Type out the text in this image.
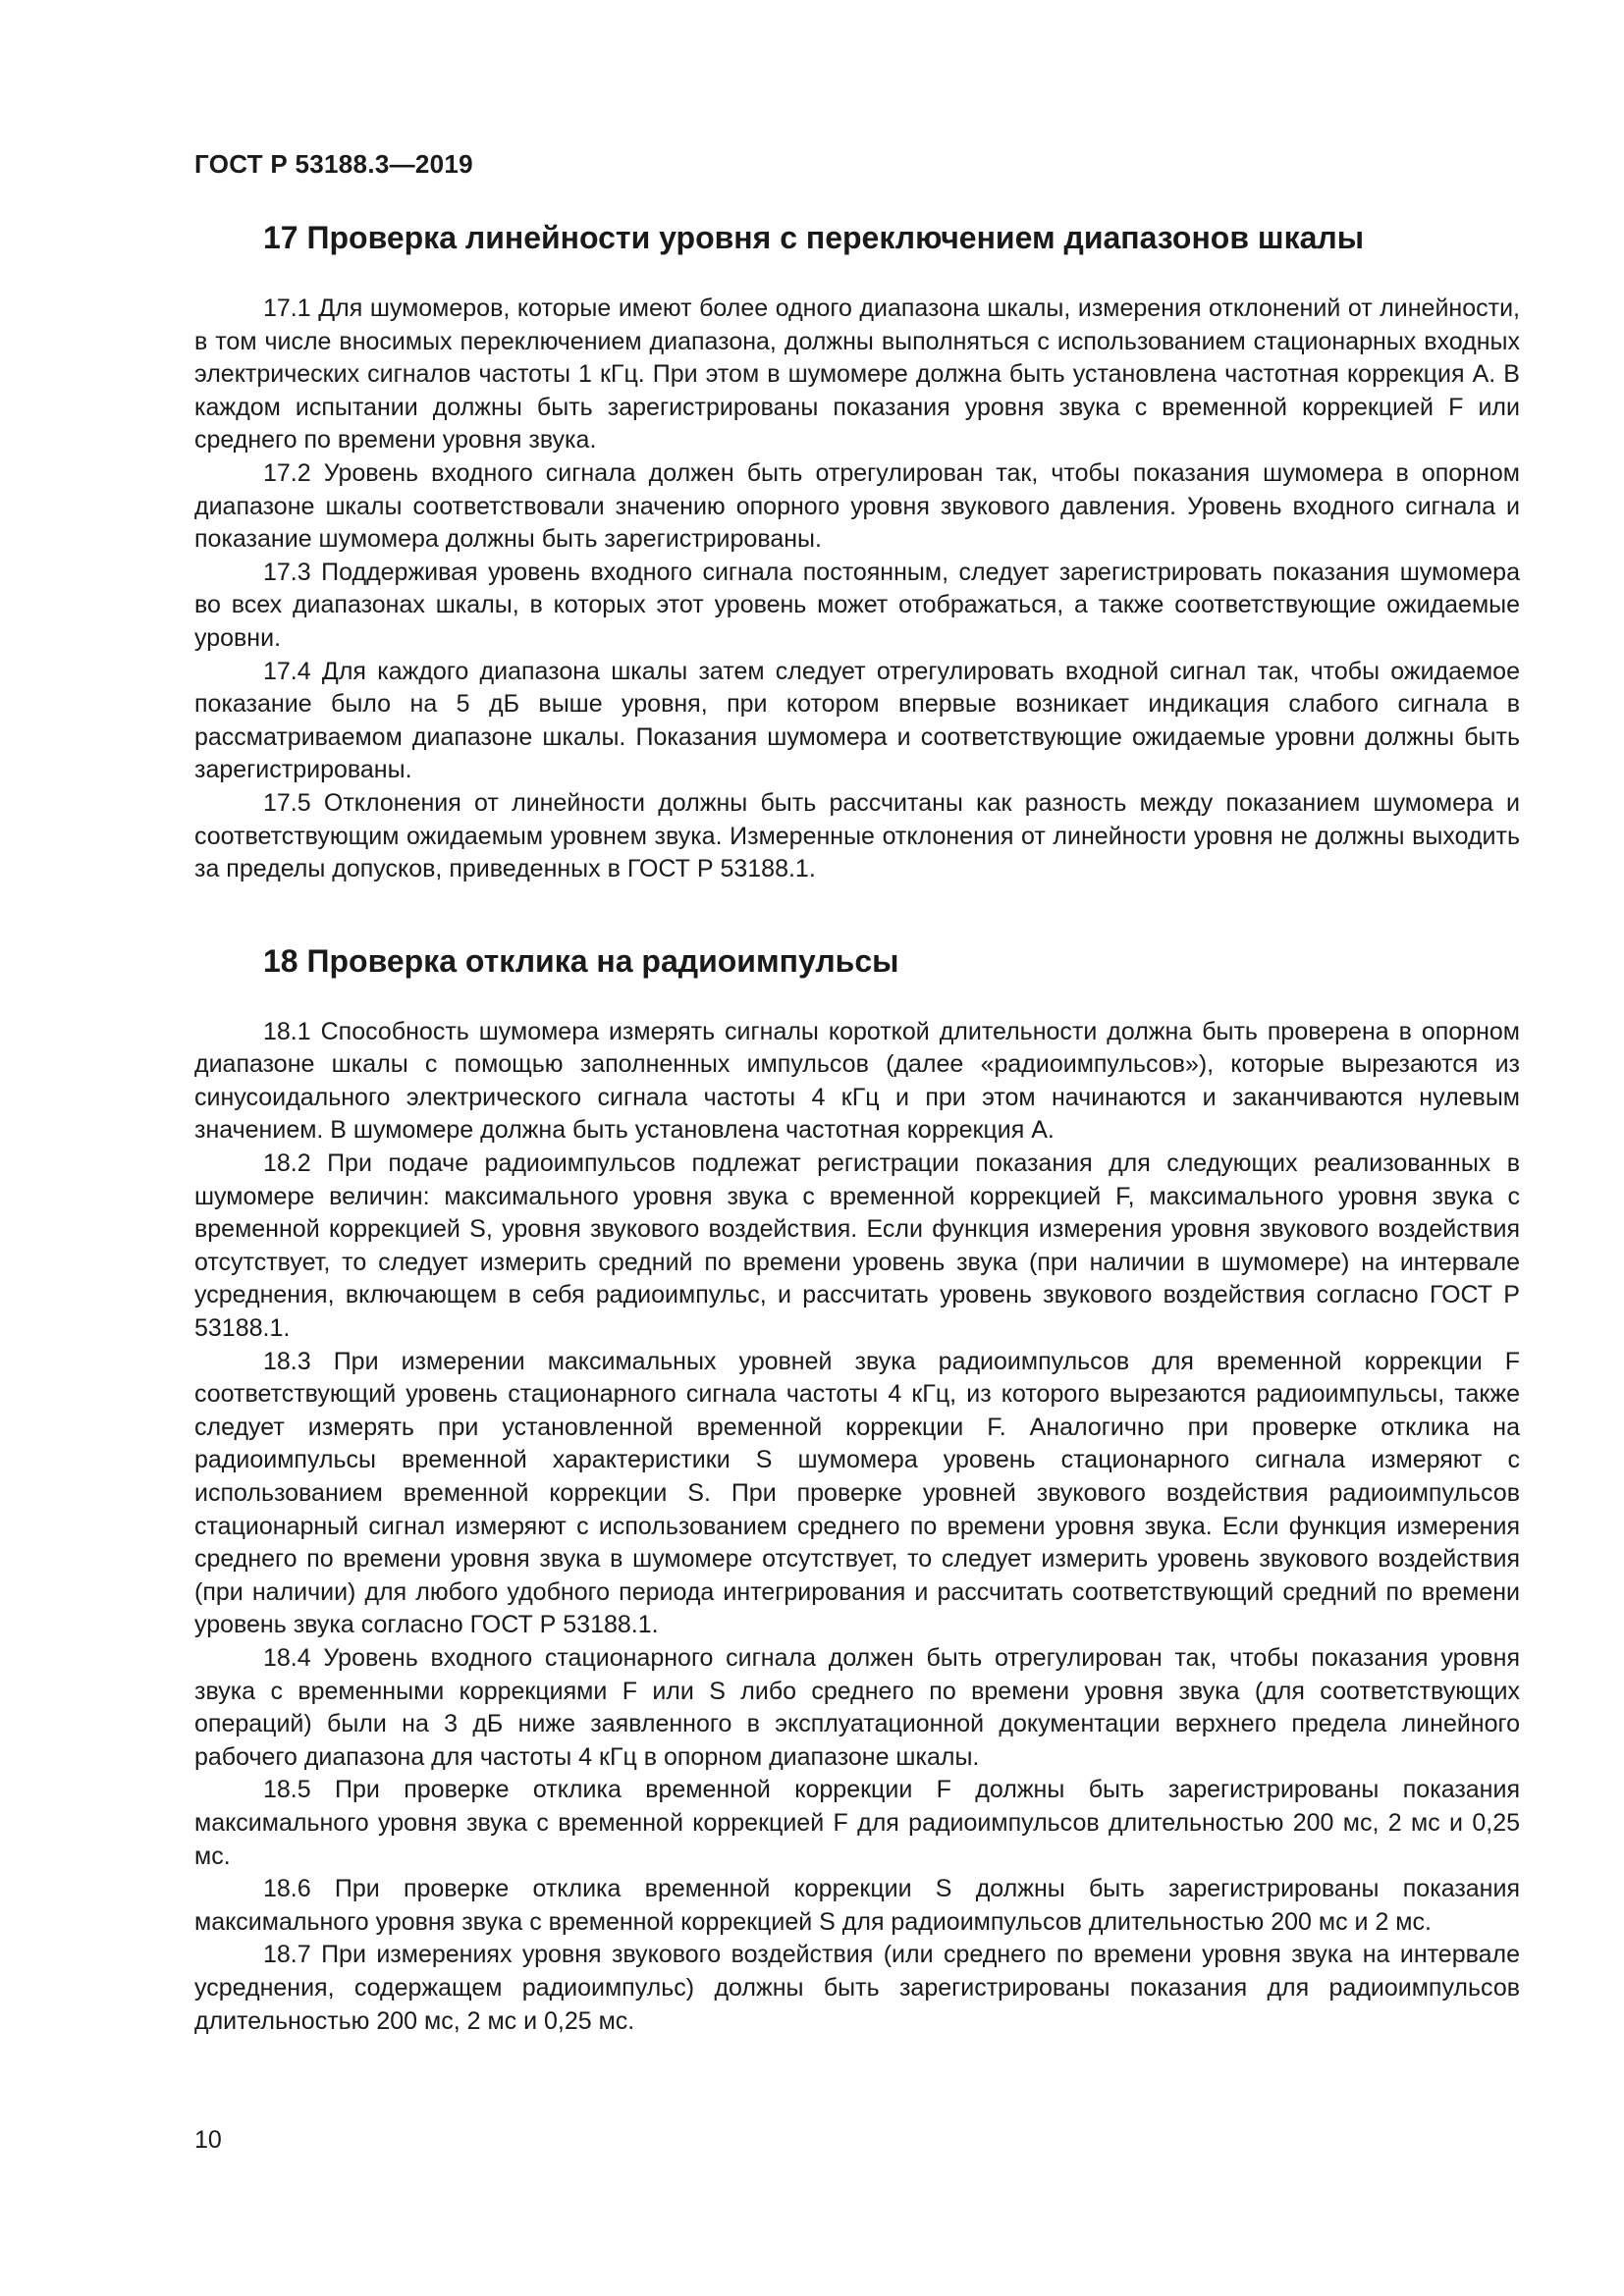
ГОСТ Р 53188.3—2019
17 Проверка линейности уровня с переключением диапазонов шкалы

17.1 Для шумомеров, которые имеют более одного диапазона шкалы, измерения отклонений от линейности, в том числе вносимых переключением диапазона, должны выполняться с использованием стационарных входных электрических сигналов частоты 1 кГц. При этом в шумомере должна быть установлена частотная коррекция А. В каждом испытании должны быть зарегистрированы показания уровня звука с временной коррекцией F или среднего по времени уровня звука.

17.2 Уровень входного сигнала должен быть отрегулирован так, чтобы показания шумомера в опорном диапазоне шкалы соответствовали значению опорного уровня звукового давления. Уровень входного сигнала и показание шумомера должны быть зарегистрированы.

17.3 Поддерживая уровень входного сигнала постоянным, следует зарегистрировать показания шумомера во всех диапазонах шкалы, в которых этот уровень может отображаться, а также соответствующие ожидаемые уровни.

17.4 Для каждого диапазона шкалы затем следует отрегулировать входной сигнал так, чтобы ожидаемое показание было на 5 дБ выше уровня, при котором впервые возникает индикация слабого сигнала в рассматриваемом диапазоне шкалы. Показания шумомера и соответствующие ожидаемые уровни должны быть зарегистрированы.

17.5 Отклонения от линейности должны быть рассчитаны как разность между показанием шумомера и соответствующим ожидаемым уровнем звука. Измеренные отклонения от линейности уровня не должны выходить за пределы допусков, приведенных в ГОСТ Р 53188.1.

18 Проверка отклика на радиоимпульсы

18.1 Способность шумомера измерять сигналы короткой длительности должна быть проверена в опорном диапазоне шкалы с помощью заполненных импульсов (далее «радиоимпульсов»), которые вырезаются из синусоидального электрического сигнала частоты 4 кГц и при этом начинаются и заканчиваются нулевым значением. В шумомере должна быть установлена частотная коррекция А.

18.2 При подаче радиоимпульсов подлежат регистрации показания для следующих реализованных в шумомере величин: максимального уровня звука с временной коррекцией F, максимального уровня звука с временной коррекцией S, уровня звукового воздействия. Если функция измерения уровня звукового воздействия отсутствует, то следует измерить средний по времени уровень звука (при наличии в шумомере) на интервале усреднения, включающем в себя радиоимпульс, и рассчитать уровень звукового воздействия согласно ГОСТ Р 53188.1.

18.3 При измерении максимальных уровней звука радиоимпульсов для временной коррекции F соответствующий уровень стационарного сигнала частоты 4 кГц, из которого вырезаются радиоимпульсы, также следует измерять при установленной временной коррекции F. Аналогично при проверке отклика на радиоимпульсы временной характеристики S шумомера уровень стационарного сигнала измеряют с использованием временной коррекции S. При проверке уровней звукового воздействия радиоимпульсов стационарный сигнал измеряют с использованием среднего по времени уровня звука. Если функция измерения среднего по времени уровня звука в шумомере отсутствует, то следует измерить уровень звукового воздействия (при наличии) для любого удобного периода интегрирования и рассчитать соответствующий средний по времени уровень звука согласно ГОСТ Р 53188.1.

18.4 Уровень входного стационарного сигнала должен быть отрегулирован так, чтобы показания уровня звука с временными коррекциями F или S либо среднего по времени уровня звука (для соответствующих операций) были на 3 дБ ниже заявленного в эксплуатационной документации верхнего предела линейного рабочего диапазона для частоты 4 кГц в опорном диапазоне шкалы.

18.5 При проверке отклика временной коррекции F должны быть зарегистрированы показания максимального уровня звука с временной коррекцией F для радиоимпульсов длительностью 200 мс, 2 мс и 0,25 мс.

18.6 При проверке отклика временной коррекции S должны быть зарегистрированы показания максимального уровня звука с временной коррекцией S для радиоимпульсов длительностью 200 мс и 2 мс.

18.7 При измерениях уровня звукового воздействия (или среднего по времени уровня звука на интервале усреднения, содержащем радиоимпульс) должны быть зарегистрированы показания для радиоимпульсов длительностью 200 мс, 2 мс и 0,25 мс.

10
